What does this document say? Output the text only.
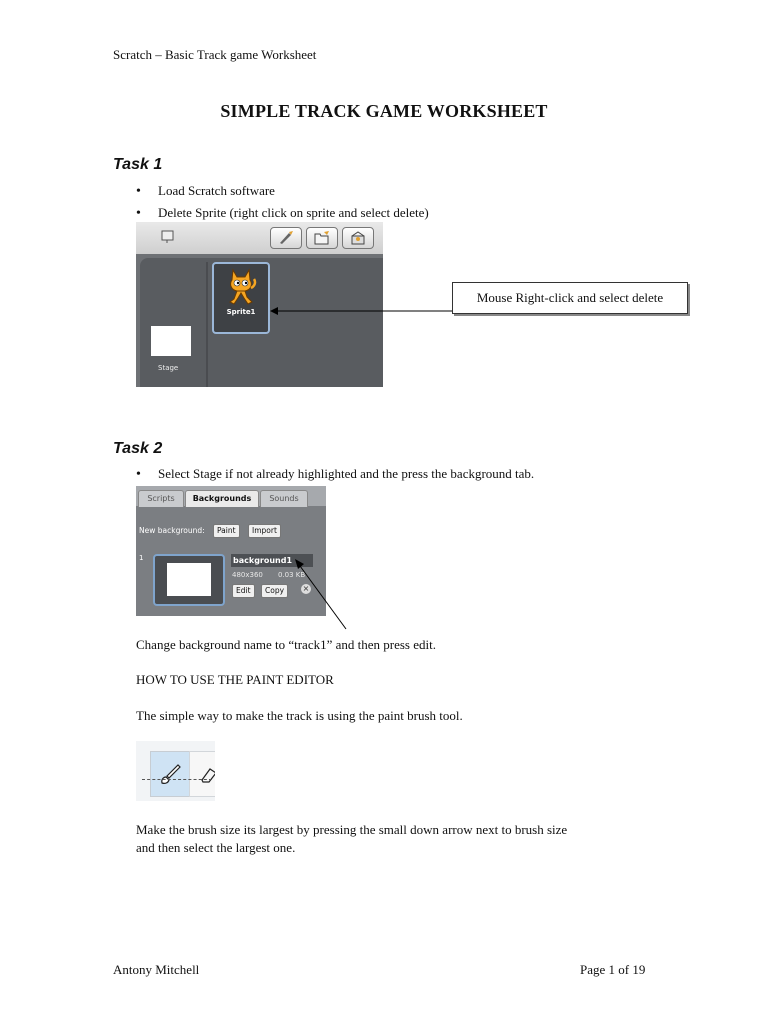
Scratch – Basic Track game Worksheet
SIMPLE TRACK GAME WORKSHEET
Task 1
• Load Scratch software
• Delete Sprite (right click on sprite and select delete)
Stage
Sprite1
Mouse Right-click and select delete
Task 2
• Select Stage if not already highlighted and the press the background tab.
Scripts	Backgrounds	Sounds
New background:	Paint	Import
1	background1
480x360 0.03 KB
Edit	Copy	×
Change background name to “track1” and then press edit.
HOW TO USE THE PAINT EDITOR
The simple way to make the track is using the paint brush tool.
Make the brush size its largest by pressing the small down arrow next to brush size
and then select the largest one.
Antony Mitchell	Page 1 of 19
